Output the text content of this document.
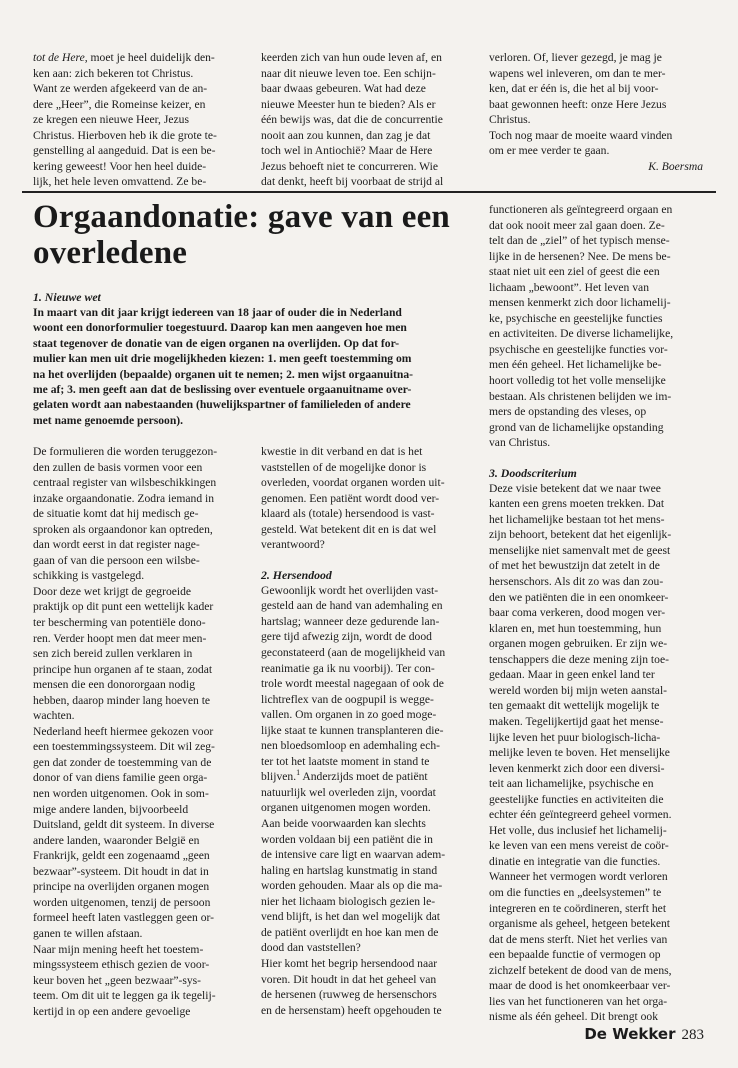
tot de Here, moet je heel duidelijk den-

ken aan: zich bekeren tot Christus.
Want ze werden afgekeerd van de an-
dere „Heer”, die Romeinse keizer, en
ze kregen een nieuwe Heer, Jezus
Christus. Hierboven heb ik die grote te-
genstelling al aangeduid. Dat is een be-
kering geweest! Voor hen heel duide-
lijk, het hele leven omvattend. Ze be-
keerden zich van hun oude leven af, en
naar dit nieuwe leven toe. Een schijn-
baar dwaas gebeuren. Wat had deze
nieuwe Meester hun te bieden? Als er
één bewijs was, dat die de concurrentie
nooit aan zou kunnen, dan zag je dat
toch wel in Antiochië? Maar de Here
Jezus behoeft niet te concurreren. Wie
dat denkt, heeft bij voorbaat de strijd al
verloren. Of, liever gezegd, je mag je
wapens wel inleveren, om dan te mer-
ken, dat er één is, die het al bij voor-
baat gewonnen heeft: onze Here Jezus
Christus.
Toch nog maar de moeite waard vinden
om er mee verder te gaan.

K. Boersma

Orgaandonatie: gave van een
overledene

1. Nieuwe wet

In maart van dit jaar krijgt iedereen van 18 jaar of ouder die in Nederland
woont een donorformulier toegestuurd. Daarop kan men aangeven hoe men
staat tegenover de donatie van de eigen organen na overlijden. Op dat for-
mulier kan men uit drie mogelijkheden kiezen: 1. men geeft toestemming om
na het overlijden (bepaalde) organen uit te nemen; 2. men wijst orgaanuitna-
me af; 3. men geeft aan dat de beslissing over eventuele orgaanuitname over-
gelaten wordt aan nabestaanden (huwelijkspartner of familieleden of andere
met name genoemde persoon).
De formulieren die worden teruggezon-
den zullen de basis vormen voor een
centraal register van wilsbeschikkingen
inzake orgaandonatie. Zodra iemand in
de situatie komt dat hij medisch ge-
sproken als orgaandonor kan optreden,
dan wordt eerst in dat register nage-
gaan of van die persoon een wilsbe-
schikking is vastgelegd.
Door deze wet krijgt de gegroeide
praktijk op dit punt een wettelijk kader
ter bescherming van potentiële dono-
ren. Verder hoopt men dat meer men-
sen zich bereid zullen verklaren in
principe hun organen af te staan, zodat
mensen die een donororgaan nodig
hebben, daarop minder lang hoeven te
wachten.
Nederland heeft hiermee gekozen voor
een toestemmingssysteem. Dit wil zeg-
gen dat zonder de toestemming van de
donor of van diens familie geen orga-
nen worden uitgenomen. Ook in som-
mige andere landen, bijvoorbeeld
Duitsland, geldt dit systeem. In diverse
andere landen, waaronder België en
Frankrijk, geldt een zogenaamd „geen
bezwaar”-systeem. Dit houdt in dat in
principe na overlijden organen mogen
worden uitgenomen, tenzij de persoon
formeel heeft laten vastleggen geen or-
ganen te willen afstaan.
Naar mijn mening heeft het toestem-
mingssysteem ethisch gezien de voor-
keur boven het „geen bezwaar”-sys-
teem. Om dit uit te leggen ga ik tegelij-
kertijd in op een andere gevoelige
kwestie in dit verband en dat is het
vaststellen of de mogelijke donor is
overleden, voordat organen worden uit-
genomen. Een patiënt wordt dood ver-
klaard als (totale) hersendood is vast-
gesteld. Wat betekent dit en is dat wel
verantwoord?

2. Hersendood

Gewoonlijk wordt het overlijden vast-
gesteld aan de hand van ademhaling en
hartslag; wanneer deze gedurende lan-
gere tijd afwezig zijn, wordt de dood
geconstateerd (aan de mogelijkheid van
reanimatie ga ik nu voorbij). Ter con-
trole wordt meestal nagegaan of ook de
lichtreflex van de oogpupil is wegge-
vallen. Om organen in zo goed moge-
lijke staat te kunnen transplanteren die-
nen bloedsomloop en ademhaling ech-
ter tot het laatste moment in stand te
blijven.$^1$ Anderzijds moet de patiënt
natuurlijk wel overleden zijn, voordat
organen uitgenomen mogen worden.
Aan beide voorwaarden kan slechts
worden voldaan bij een patiënt die in
de intensive care ligt en waarvan adem-
haling en hartslag kunstmatig in stand
worden gehouden. Maar als op die ma-
nier het lichaam biologisch gezien le-
vend blijft, is het dan wel mogelijk dat
de patiënt overlijdt en hoe kan men de
dood dan vaststellen?
Hier komt het begrip hersendood naar
voren. Dit houdt in dat het geheel van
de hersenen (ruwweg de hersenschors
en de hersenstam) heeft opgehouden te
functioneren als geïntegreerd orgaan en
dat ook nooit meer zal gaan doen. Ze-
telt dan de „ziel” of het typisch mense-
lijke in de hersenen? Nee. De mens be-
staat niet uit een ziel of geest die een
lichaam „bewoont”. Het leven van
mensen kenmerkt zich door lichamelij-
ke, psychische en geestelijke functies
en activiteiten. De diverse lichamelijke,
psychische en geestelijke functies vor-
men één geheel. Het lichamelijke be-
hoort volledig tot het volle menselijke
bestaan. Als christenen belijden we im-
mers de opstanding des vleses, op
grond van de lichamelijke opstanding
van Christus.

3. Doodscriterium

Deze visie betekent dat we naar twee
kanten een grens moeten trekken. Dat
het lichamelijke bestaan tot het mens-
zijn behoort, betekent dat het eigenlijk-
menselijke niet samenvalt met de geest
of met het bewustzijn dat zetelt in de
hersenschors. Als dit zo was dan zou-
den we patiënten die in een onomkeer-
baar coma verkeren, dood mogen ver-
klaren en, met hun toestemming, hun
organen mogen gebruiken. Er zijn we-
tenschappers die deze mening zijn toe-
gedaan. Maar in geen enkel land ter
wereld worden bij mijn weten aanstal-
ten gemaakt dit wettelijk mogelijk te
maken. Tegelijkertijd gaat het mense-
lijke leven het puur biologisch-licha-
melijke leven te boven. Het menselijke
leven kenmerkt zich door een diversi-
teit aan lichamelijke, psychische en
geestelijke functies en activiteiten die
echter één geïntegreerd geheel vormen.
Het volle, dus inclusief het lichamelij-
ke leven van een mens vereist de coör-
dinatie en integratie van die functies.
Wanneer het vermogen wordt verloren
om die functies en „deelsystemen” te
integreren en te coördineren, sterft het
organisme als geheel, hetgeen betekent
dat de mens sterft. Niet het verlies van
een bepaalde functie of vermogen op
zichzelf betekent de dood van de mens,
maar de dood is het onomkeerbaar ver-
lies van het functioneren van het orga-
nisme als één geheel. Dit brengt ook
De Wekker 283
